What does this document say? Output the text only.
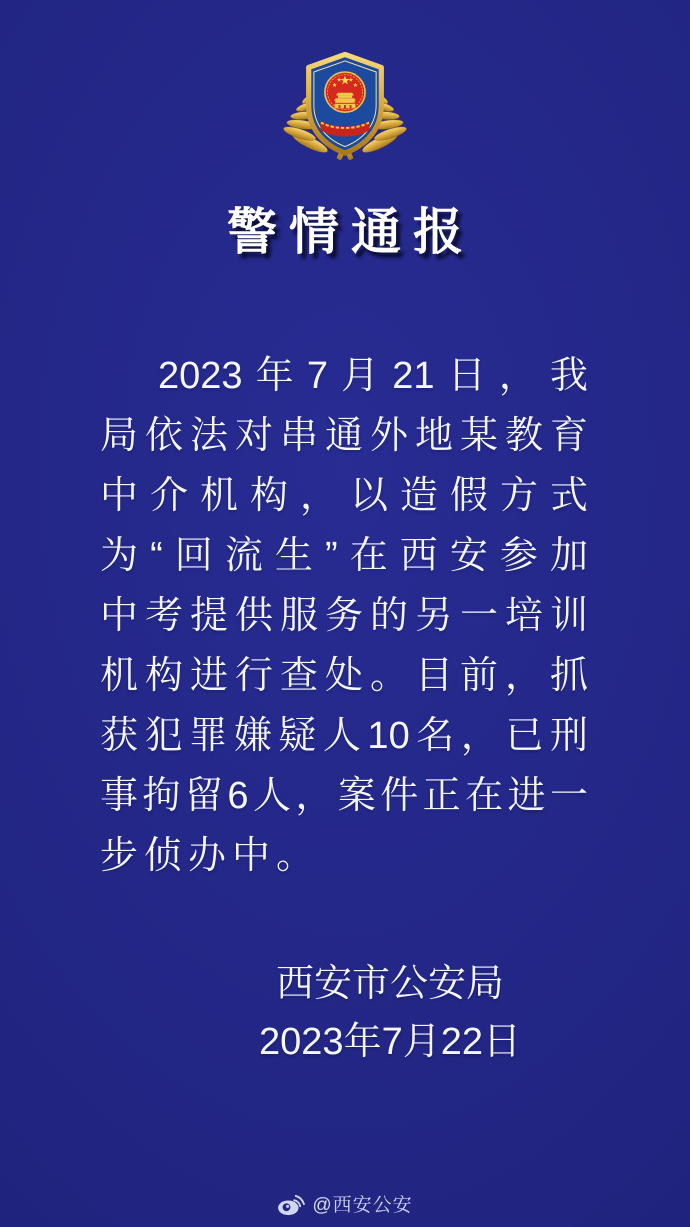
警情通报
2023年7月21日，我
局依法对串通外地某教育
中介机构，以造假方式
为“回流生”在西安参加
中考提供服务的另一培训
机构进行查处。目前，抓
获犯罪嫌疑人10名，已刑
事拘留6人，案件正在进一
步侦办中。
西安市公安局
2023年7月22日
@西安公安
